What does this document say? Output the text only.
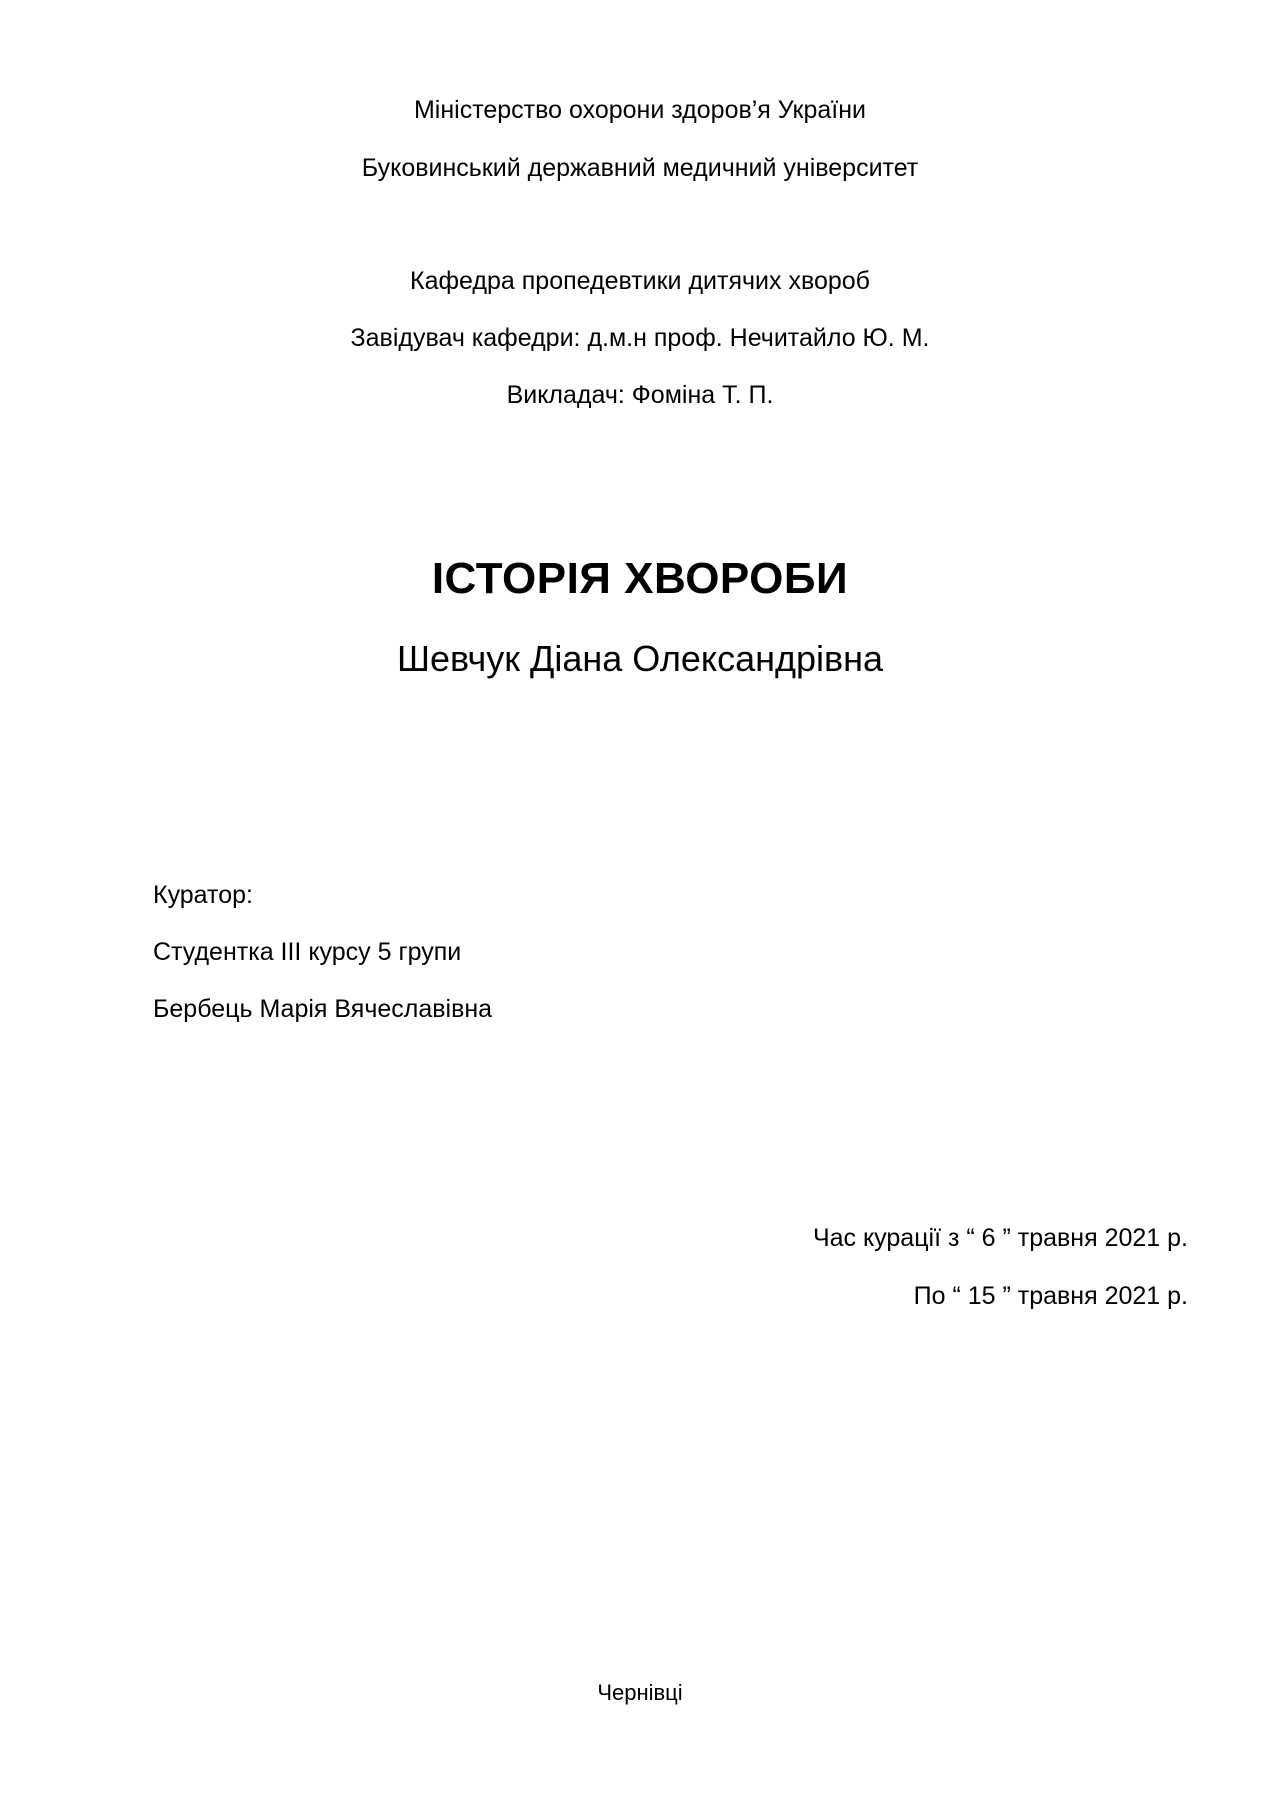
Міністерство охорони здоров’я України
Буковинський державний медичний університет
Кафедра пропедевтики дитячих хвороб
Завідувач кафедри: д.м.н проф. Нечитайло Ю. М.
Викладач: Фоміна Т. П.
ІСТОРІЯ ХВОРОБИ
Шевчук Діана Олександрівна
Куратор:
Студентка ІІІ курсу 5 групи
Бербець Марія Вячеславівна
Час курації з “ 6 ” травня 2021 р.
По “ 15 ” травня 2021 р.
Чернівці
